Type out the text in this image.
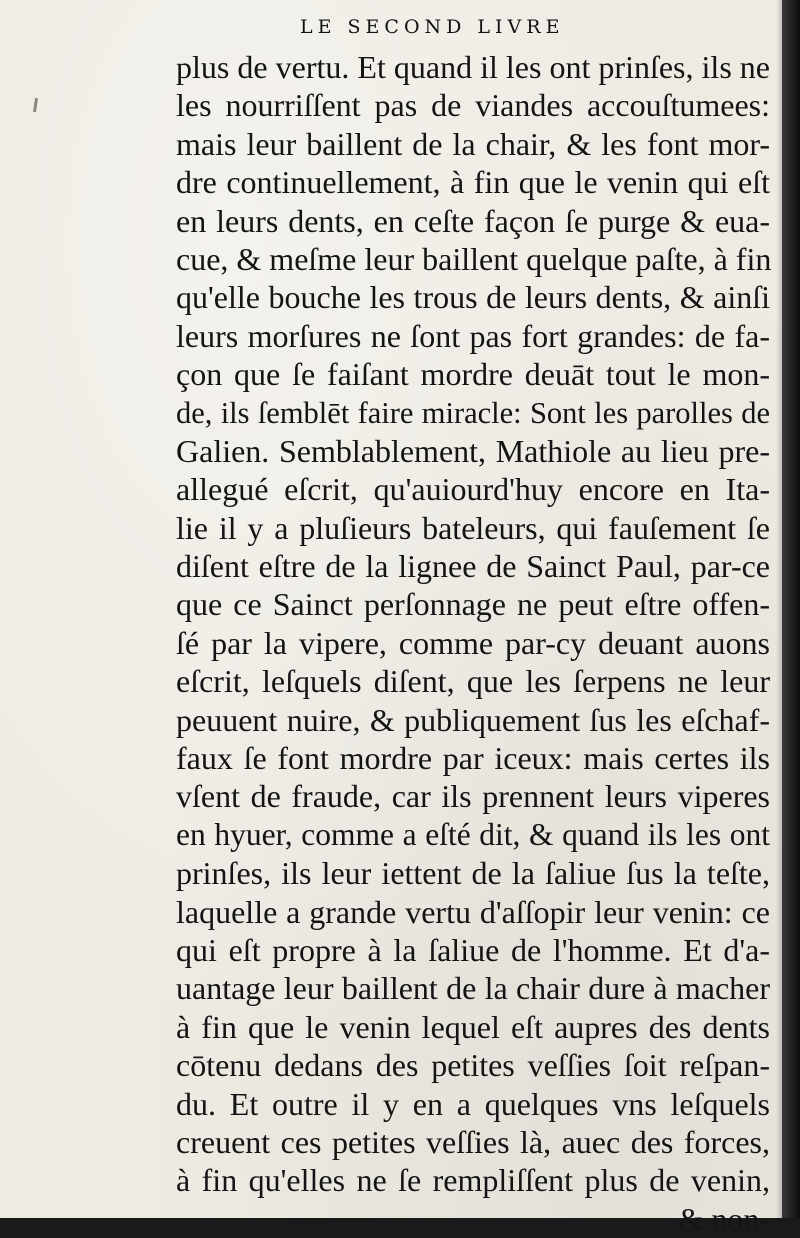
LE SECOND LIVRE
plus de vertu. Et quand il les ont prinſes, ils ne
les nourriſſent pas de viandes accouſtumees:
mais leur baillent de la chair, & les font mor-
dre continuellement, à fin que le venin qui eſt
en leurs dents, en ceſte façon ſe purge & eua-
cue, & meſme leur baillent quelque paſte, à fin
qu'elle bouche les trous de leurs dents, & ainſi
leurs morſures ne ſont pas fort grandes: de fa-
çon que ſe faiſant mordre deuāt tout le mon-
de, ils ſemblēt faire miracle: Sont les parolles de
Galien. Semblablement, Mathiole au lieu pre-
allegué eſcrit, qu'auiourd'huy encore en Ita-
lie il y a pluſieurs bateleurs, qui fauſement ſe
diſent eſtre de la lignee de Sainct Paul, par-ce
que ce Sainct perſonnage ne peut eſtre offen-
ſé par la vipere, comme par-cy deuant auons
eſcrit, leſquels diſent, que les ſerpens ne leur
peuuent nuire, & publiquement ſus les eſchaf-
faux ſe font mordre par iceux: mais certes ils
vſent de fraude, car ils prennent leurs viperes
en hyuer, comme a eſté dit, & quand ils les ont
prinſes, ils leur iettent de la ſaliue ſus la teſte,
laquelle a grande vertu d'aſſopir leur venin: ce
qui eſt propre à la ſaliue de l'homme. Et d'a-
uantage leur baillent de la chair dure à macher
à fin que le venin lequel eſt aupres des dents
cōtenu dedans des petites veſſies ſoit reſpan-
du. Et outre il y en a quelques vns leſquels
creuent ces petites veſſies là, auec des forces,
à fin qu'elles ne ſe rempliſſent plus de venin,
& non-
